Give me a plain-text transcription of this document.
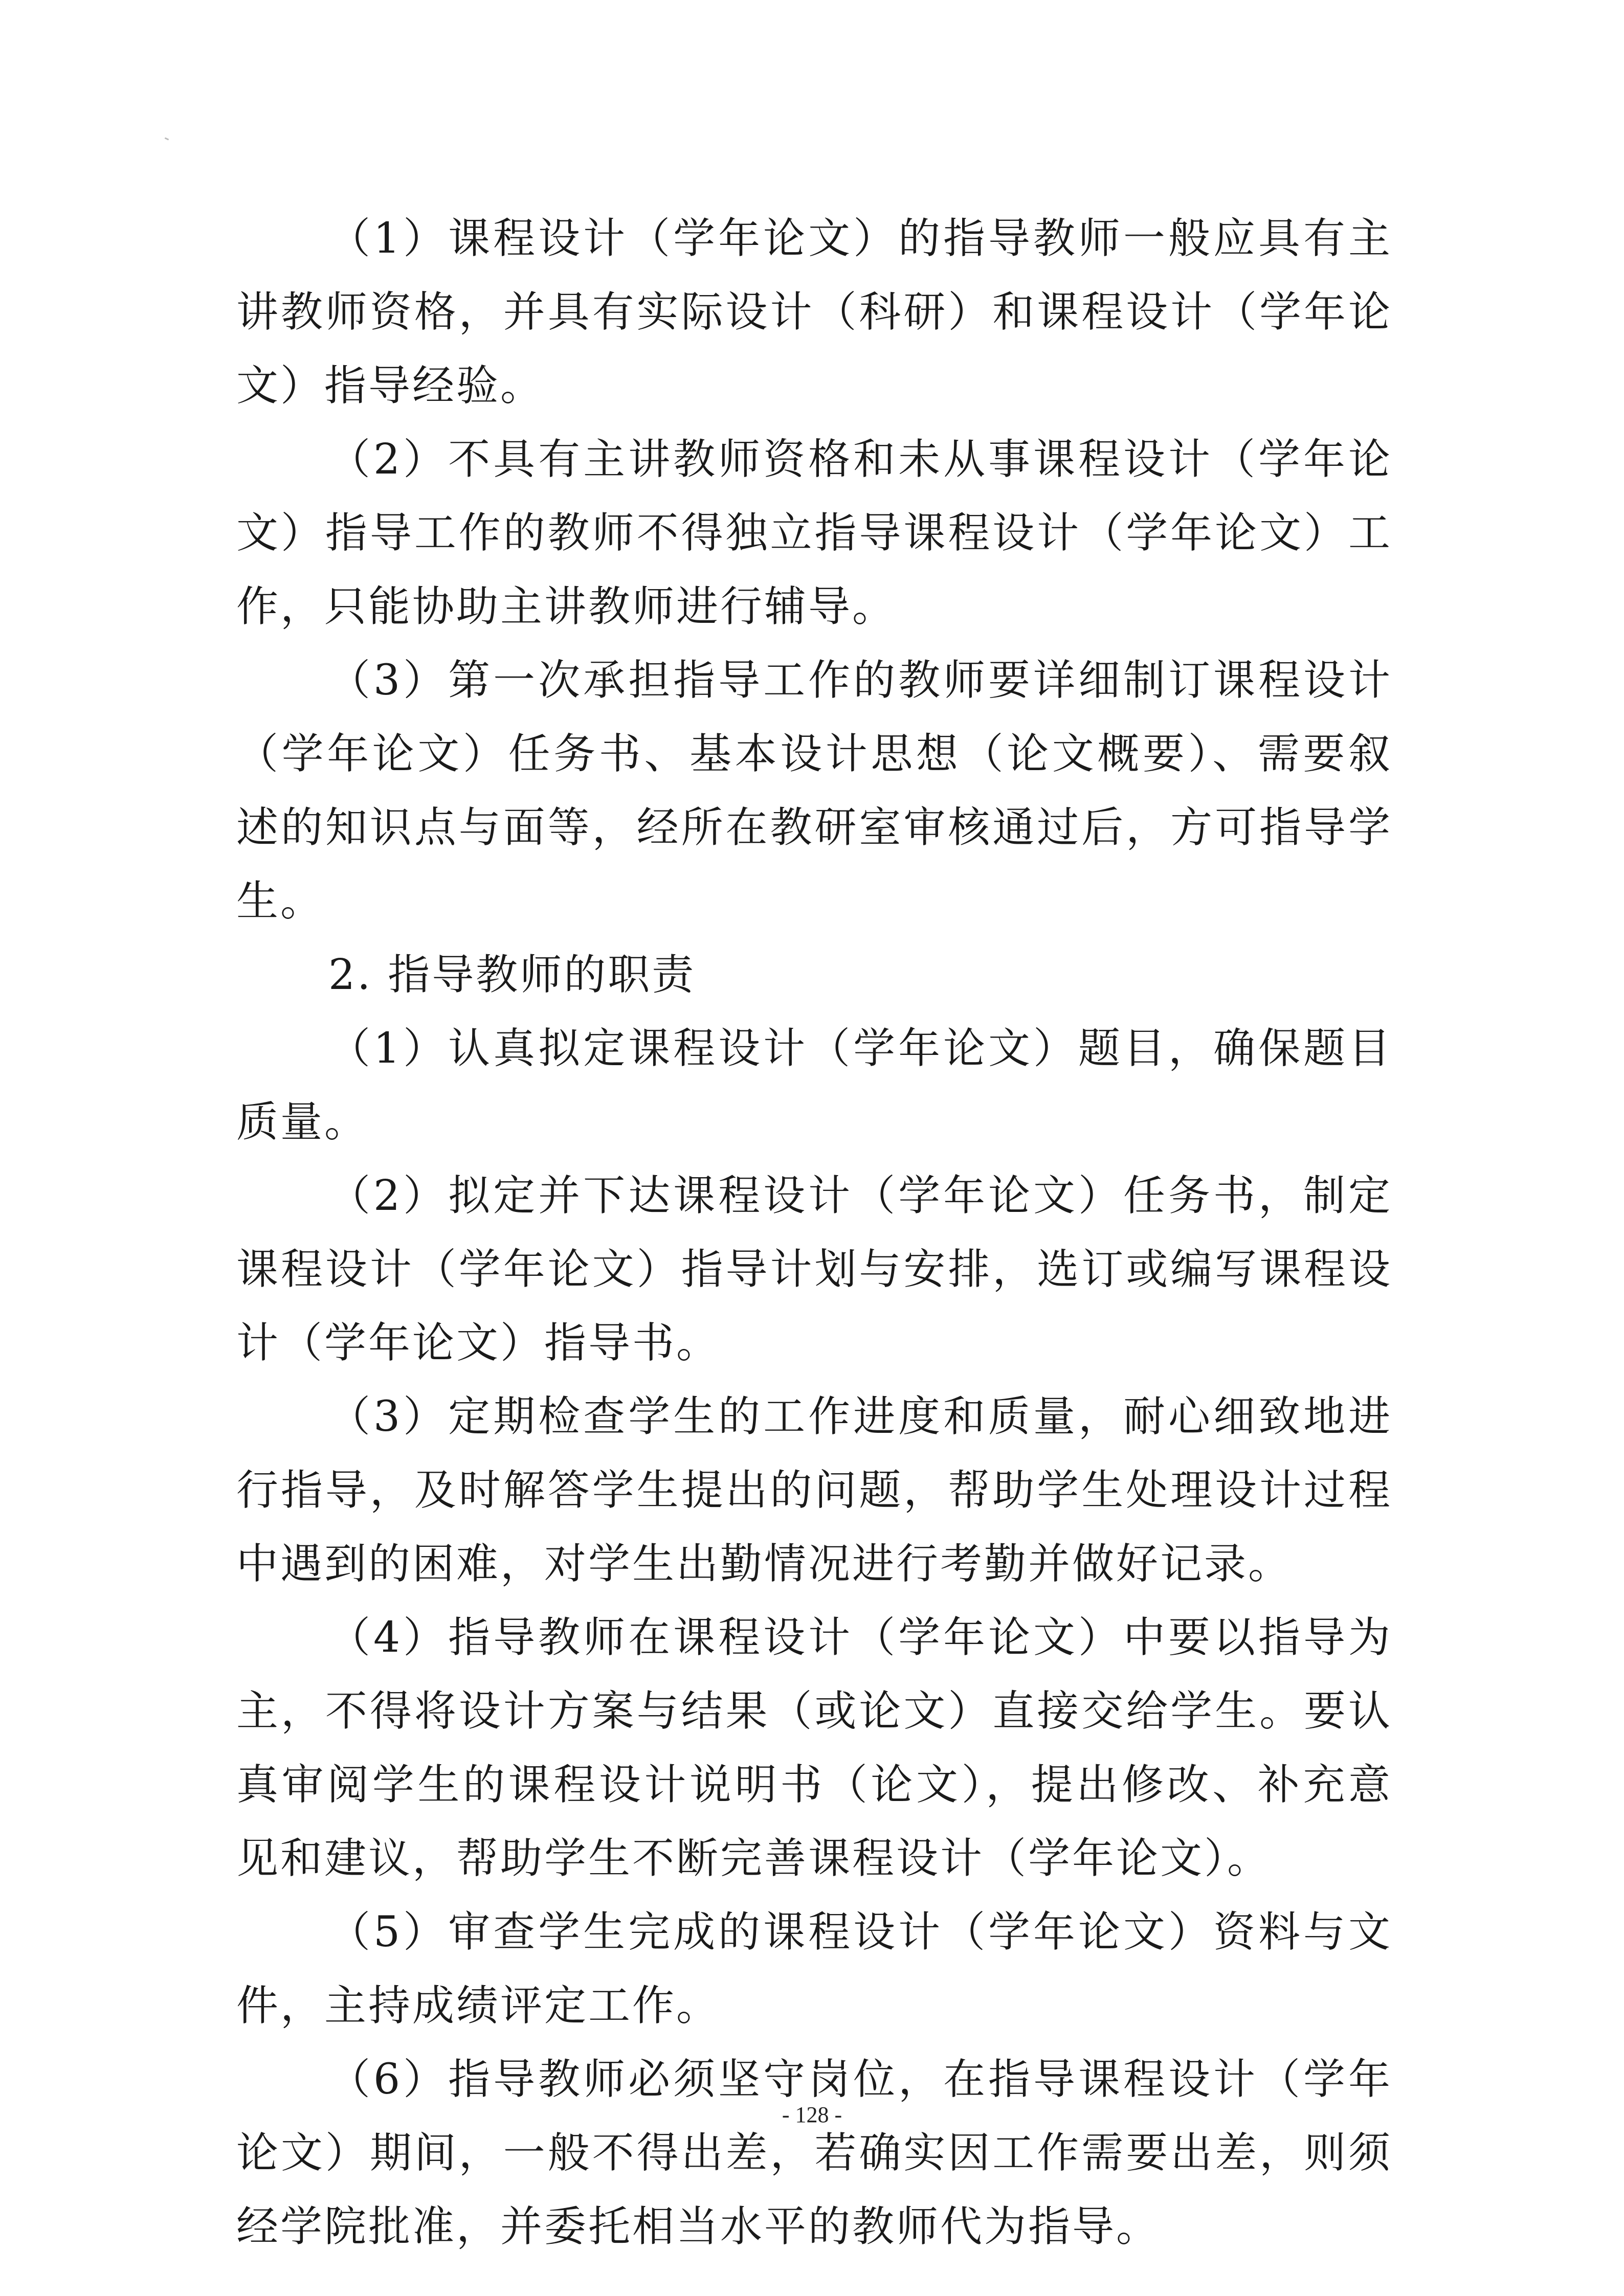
（1）课程设计（学年论文）的指导教师一般应具有主讲教师资格，并具有实际设计（科研）和课程设计（学年论文）指导经验。

（2）不具有主讲教师资格和未从事课程设计（学年论文）指导工作的教师不得独立指导课程设计（学年论文）工作，只能协助主讲教师进行辅导。

（3）第一次承担指导工作的教师要详细制订课程设计（学年论文）任务书、基本设计思想（论文概要）、需要叙述的知识点与面等，经所在教研室审核通过后，方可指导学生。

2. 指导教师的职责

（1）认真拟定课程设计（学年论文）题目，确保题目质量。

（2）拟定并下达课程设计（学年论文）任务书，制定课程设计（学年论文）指导计划与安排，选订或编写课程设计（学年论文）指导书。

（3）定期检查学生的工作进度和质量，耐心细致地进行指导，及时解答学生提出的问题，帮助学生处理设计过程中遇到的困难，对学生出勤情况进行考勤并做好记录。

（4）指导教师在课程设计（学年论文）中要以指导为主，不得将设计方案与结果（或论文）直接交给学生。要认真审阅学生的课程设计说明书（论文），提出修改、补充意见和建议，帮助学生不断完善课程设计（学年论文）。

（5）审查学生完成的课程设计（学年论文）资料与文件，主持成绩评定工作。

（6）指导教师必须坚守岗位，在指导课程设计（学年论文）期间，一般不得出差，若确实因工作需要出差，则须经学院批准，并委托相当水平的教师代为指导。

- 128 -
